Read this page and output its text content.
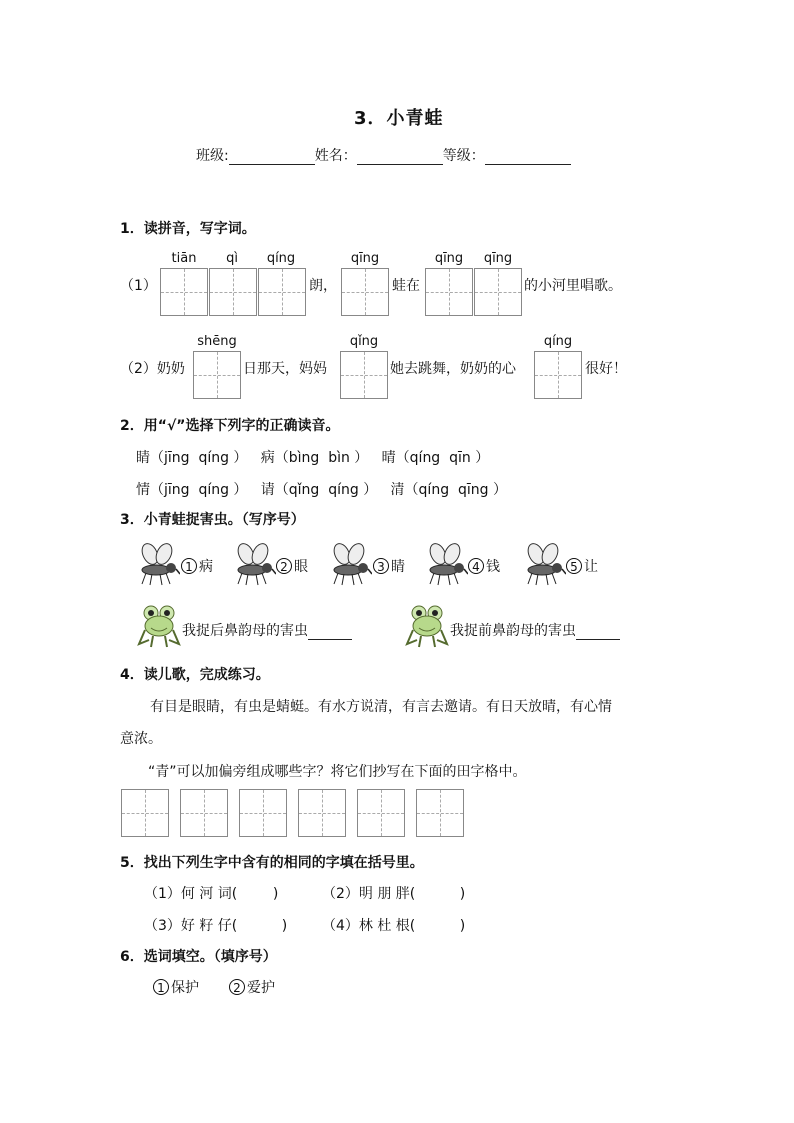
3．小青蛙
班级:	姓名：	等级：
1．读拼音，写字词。
（1）
tiān	qì	qíng
朗，
qīng
蛙在
qīng	qīng
的小河里唱歌。
（2）奶奶
shēng
日那天，妈妈
qǐng
她去跳舞，奶奶的心
qíng
很好！
2．用“√”选择下列字的正确读音。
睛（jīng  qíng ）   病（bìng  bìn ）   晴（qíng  qīn ）
情（jīng  qíng ）   请（qǐng  qíng ）   清（qíng  qīng ）
3．小青蛙捉害虫。（写序号）
1 病	2 眼	3 睛	4 钱	5 让
我捉后鼻韵母的害虫	我捉前鼻韵母的害虫
4．读儿歌，完成练习。
有目是眼睛，有虫是蜻蜓。有水方说清，有言去邀请。有日天放晴，有心情
意浓。
“青”可以加偏旁组成哪些字？将它们抄写在下面的田字格中。
5．找出下列生字中含有的相同的字填在括号里。
（1）何 河 词(        )	（2）明 朋 胖(          )
（3）好 籽 仔(          ) （4）林 杜 根(          )
6．选词填空。（填序号）
1 保护	2 爱护
